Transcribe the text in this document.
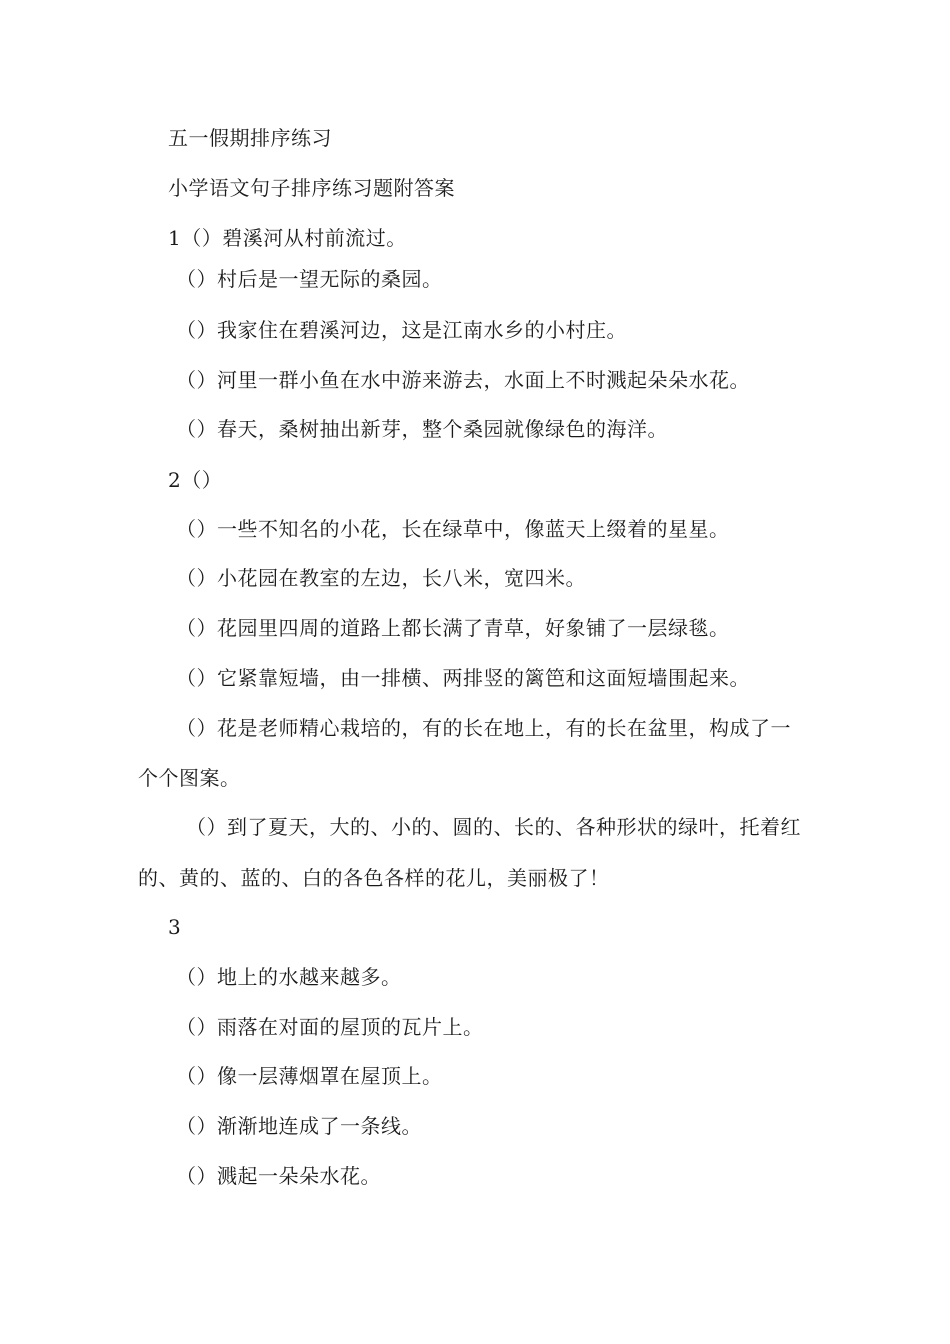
五一假期排序练习
小学语文句子排序练习题附答案
1（）碧溪河从村前流过。
（）村后是一望无际的桑园。
（）我家住在碧溪河边，这是江南水乡的小村庄。
（）河里一群小鱼在水中游来游去，水面上不时溅起朵朵水花。
（）春天，桑树抽出新芽，整个桑园就像绿色的海洋。
2（）
（）一些不知名的小花，长在绿草中，像蓝天上缀着的星星。
（）小花园在教室的左边，长八米，宽四米。
（）花园里四周的道路上都长满了青草，好象铺了一层绿毯。
（）它紧靠短墙，由一排横、两排竖的篱笆和这面短墙围起来。
（）花是老师精心栽培的，有的长在地上，有的长在盆里，构成了一
个个图案。
（）到了夏天，大的、小的、圆的、长的、各种形状的绿叶，托着红
的、黄的、蓝的、白的各色各样的花儿，美丽极了！
3
（）地上的水越来越多。
（）雨落在对面的屋顶的瓦片上。
（）像一层薄烟罩在屋顶上。
（）渐渐地连成了一条线。
（）溅起一朵朵水花。
